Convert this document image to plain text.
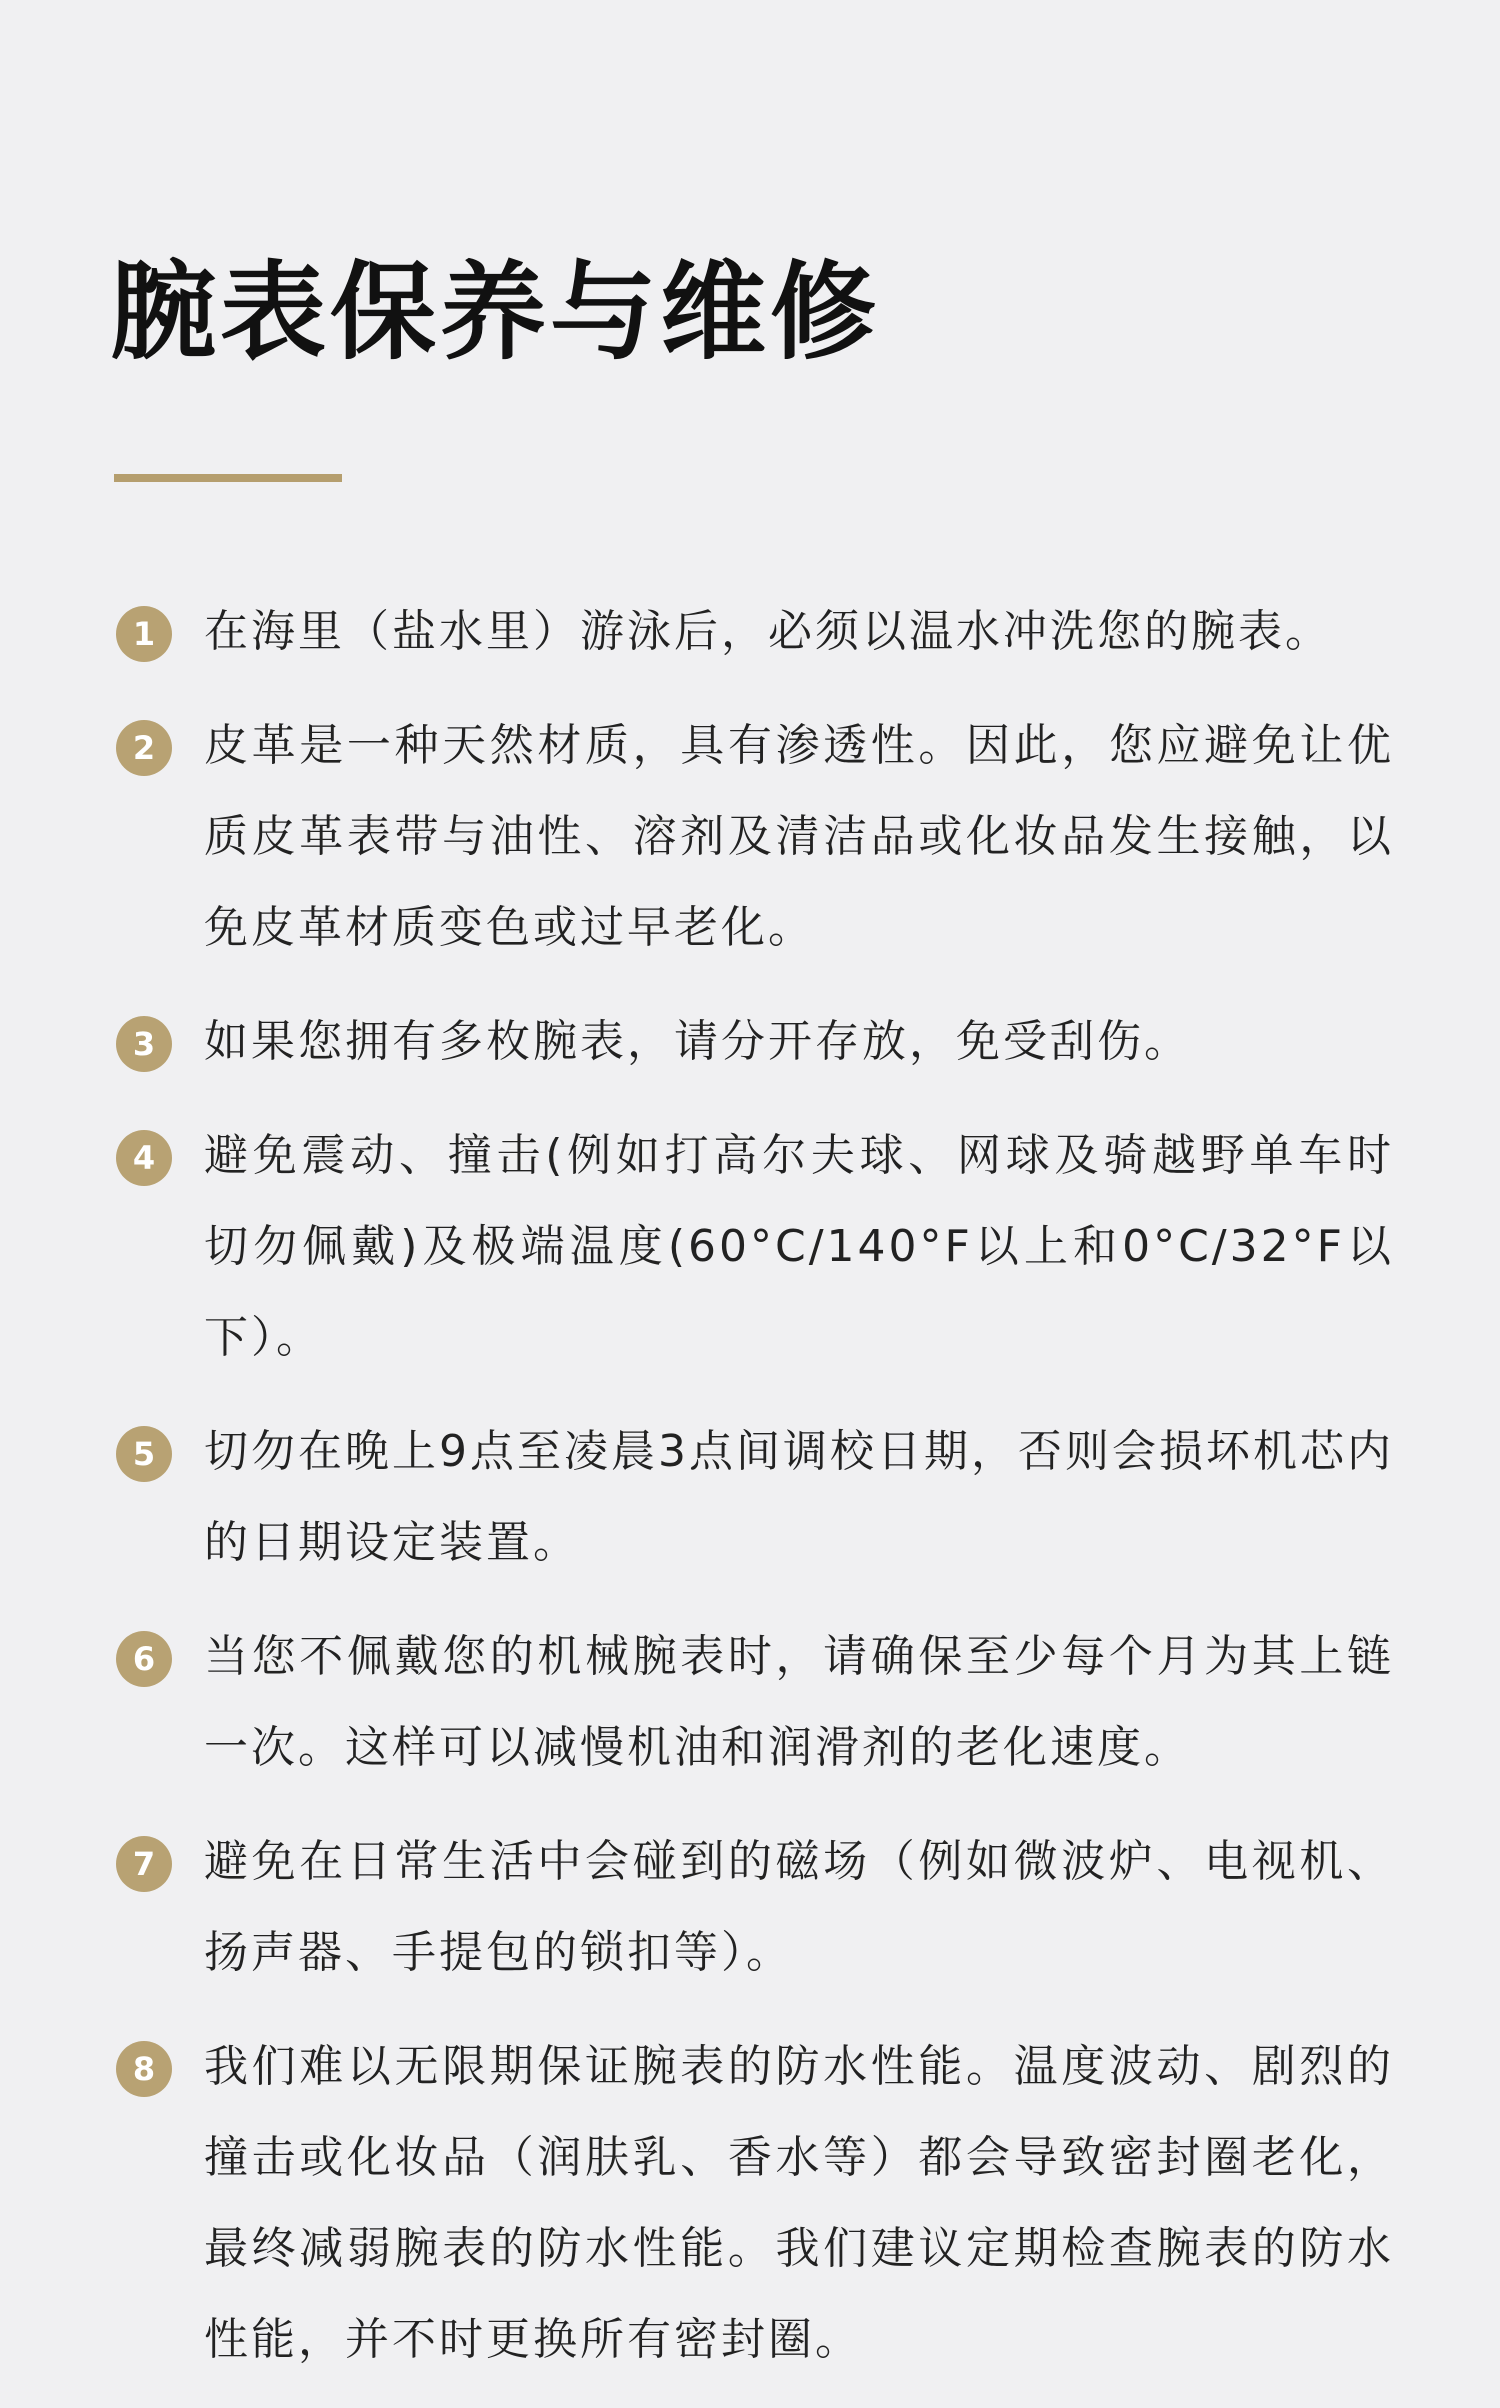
腕表保养与维修
1	在海里（盐水里）游泳后，必须以温水冲洗您的腕表。

2	皮革是一种天然材质，具有渗透性。因此，您应避免让优质皮革表带与油性、溶剂及清洁品或化妆品发生接触，以免皮革材质变色或过早老化。

3	如果您拥有多枚腕表，请分开存放，免受刮伤。

4	避免震动、撞击(例如打高尔夫球、网球及骑越野单车时切勿佩戴)及极端温度(60°C/140°F以上和0°C/32°F以下）。

5	切勿在晚上9点至凌晨3点间调校日期，否则会损坏机芯内的日期设定装置。

6	当您不佩戴您的机械腕表时，请确保至少每个月为其上链一次。这样可以减慢机油和润滑剂的老化速度。

7	避免在日常生活中会碰到的磁场（例如微波炉、电视机、扬声器、手提包的锁扣等）。

8	我们难以无限期保证腕表的防水性能。温度波动、剧烈的撞击或化妆品（润肤乳、香水等）都会导致密封圈老化，最终减弱腕表的防水性能。我们建议定期检查腕表的防水性能，并不时更换所有密封圈。
